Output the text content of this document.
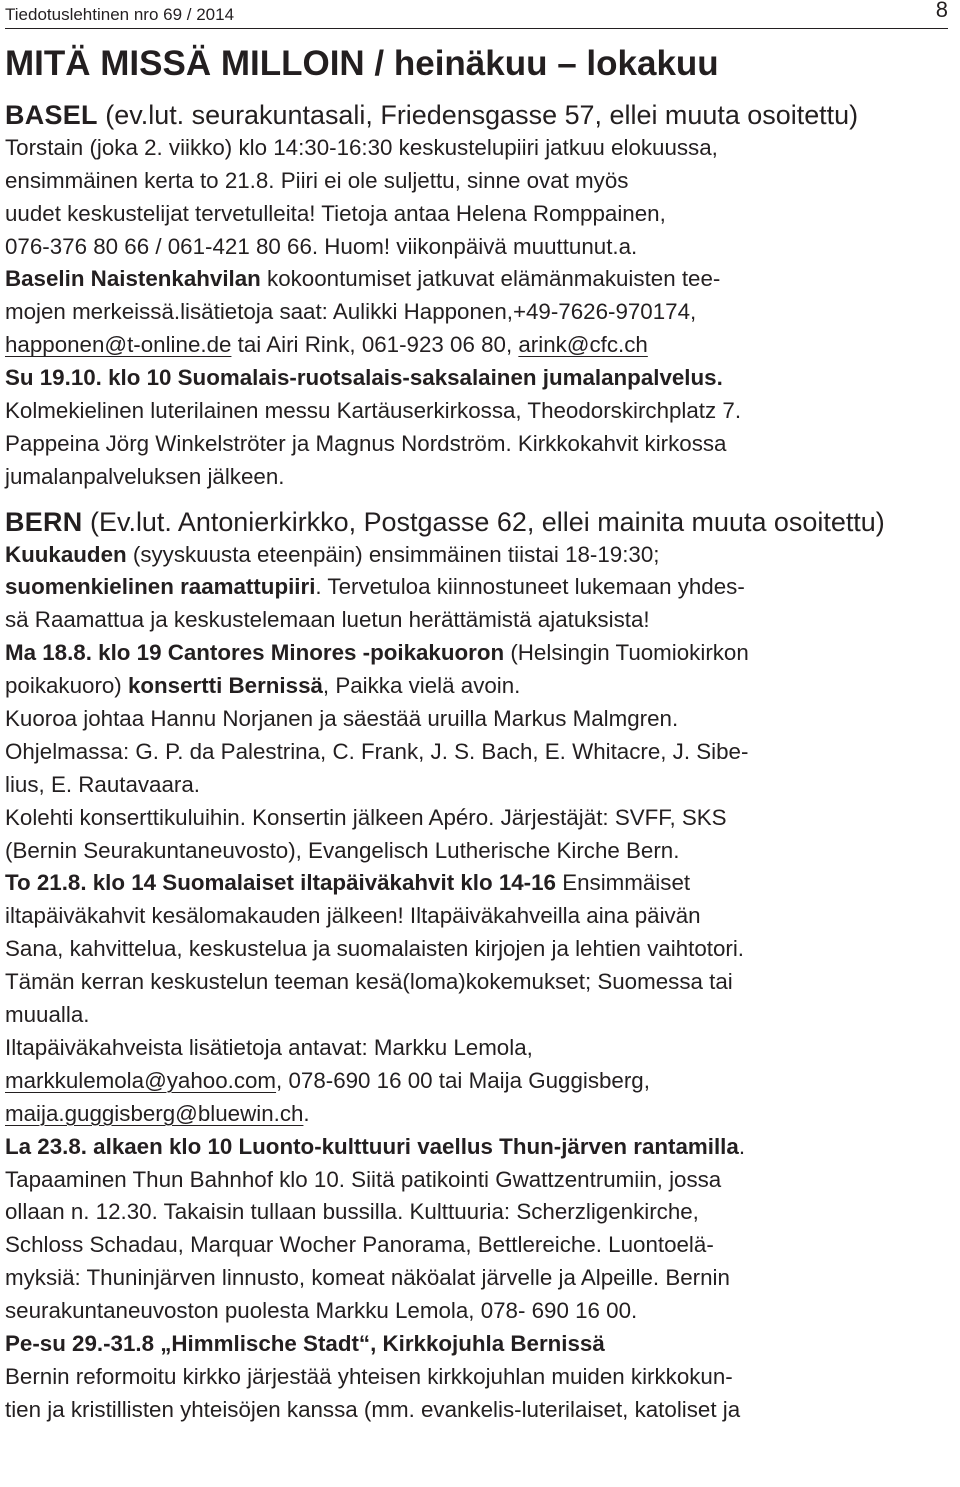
Tiedotuslehtinen nro 69 / 2014	8
MITÄ MISSÄ MILLOIN / heinäkuu – lokakuu
BASEL (ev.lut. seurakuntasali, Friedensgasse 57, ellei muuta osoitettu)
Torstain (joka 2. viikko) klo 14:30-16:30 keskustelupiiri jatkuu elokuussa,
ensimmäinen kerta to 21.8. Piiri ei ole suljettu, sinne ovat myös
uudet keskustelijat tervetulleita! Tietoja antaa Helena Romppainen,
076-376 80 66 / 061-421 80 66. Huom! viikonpäivä muuttunut.a.
Baselin Naistenkahvilan kokoontumiset jatkuvat elämänmakuisten tee-
mojen merkeissä.lisätietoja saat: Aulikki Happonen,+49-7626-970174,
happonen@t-online.de tai Airi Rink, 061-923 06 80, arink@cfc.ch
Su 19.10. klo 10 Suomalais-ruotsalais-saksalainen jumalanpalvelus.
Kolmekielinen luterilainen messu Kartäuserkirkossa, Theodorskirchplatz 7.
Pappeina Jörg Winkelströter ja Magnus Nordström. Kirkkokahvit kirkossa
jumalanpalveluksen jälkeen.
BERN (Ev.lut. Antonierkirkko, Postgasse 62, ellei mainita muuta osoitettu)
Kuukauden (syyskuusta eteenpäin) ensimmäinen tiistai 18-19:30;
suomenkielinen raamattupiiri. Tervetuloa kiinnostuneet lukemaan yhdes-
sä Raamattua ja keskustelemaan luetun herättämistä ajatuksista!
Ma 18.8. klo 19 Cantores Minores -poikakuoron (Helsingin Tuomiokirkon
poikakuoro) konsertti Bernissä, Paikka vielä avoin.
Kuoroa johtaa Hannu Norjanen ja säestää uruilla Markus Malmgren.
Ohjelmassa: G. P. da Palestrina, C. Frank, J. S. Bach, E. Whitacre, J. Sibe-
lius, E. Rautavaara.
Kolehti konserttikuluihin. Konsertin jälkeen Apéro. Järjestäjät: SVFF, SKS
(Bernin Seurakuntaneuvosto), Evangelisch Lutherische Kirche Bern.
To 21.8. klo 14 Suomalaiset iltapäiväkahvit klo 14-16 Ensimmäiset
iltapäiväkahvit kesälomakauden jälkeen! Iltapäiväkahveilla aina päivän
Sana, kahvittelua, keskustelua ja suomalaisten kirjojen ja lehtien vaihtotori.
Tämän kerran keskustelun teeman kesä(loma)kokemukset; Suomessa tai
muualla.
Iltapäiväkahveista lisätietoja antavat: Markku Lemola,
markkulemola@yahoo.com, 078-690 16 00 tai Maija Guggisberg,
maija.guggisberg@bluewin.ch.
La 23.8. alkaen klo 10 Luonto-kulttuuri vaellus Thun-järven rantamilla.
Tapaaminen Thun Bahnhof klo 10. Siitä patikointi Gwattzentrumiin, jossa
ollaan n. 12.30. Takaisin tullaan bussilla. Kulttuuria: Scherzligenkirche,
Schloss Schadau, Marquar Wocher Panorama, Bettlereiche. Luontoelä-
myksiä: Thuninjärven linnusto, komeat näköalat järvelle ja Alpeille. Bernin
seurakuntaneuvoston puolesta Markku Lemola, 078- 690 16 00.
Pe-su 29.-31.8 „Himmlische Stadt“, Kirkkojuhla Bernissä
Bernin reformoitu kirkko järjestää yhteisen kirkkojuhlan muiden kirkkokun-
tien ja kristillisten yhteisöjen kanssa (mm. evankelis-luterilaiset, katoliset ja
